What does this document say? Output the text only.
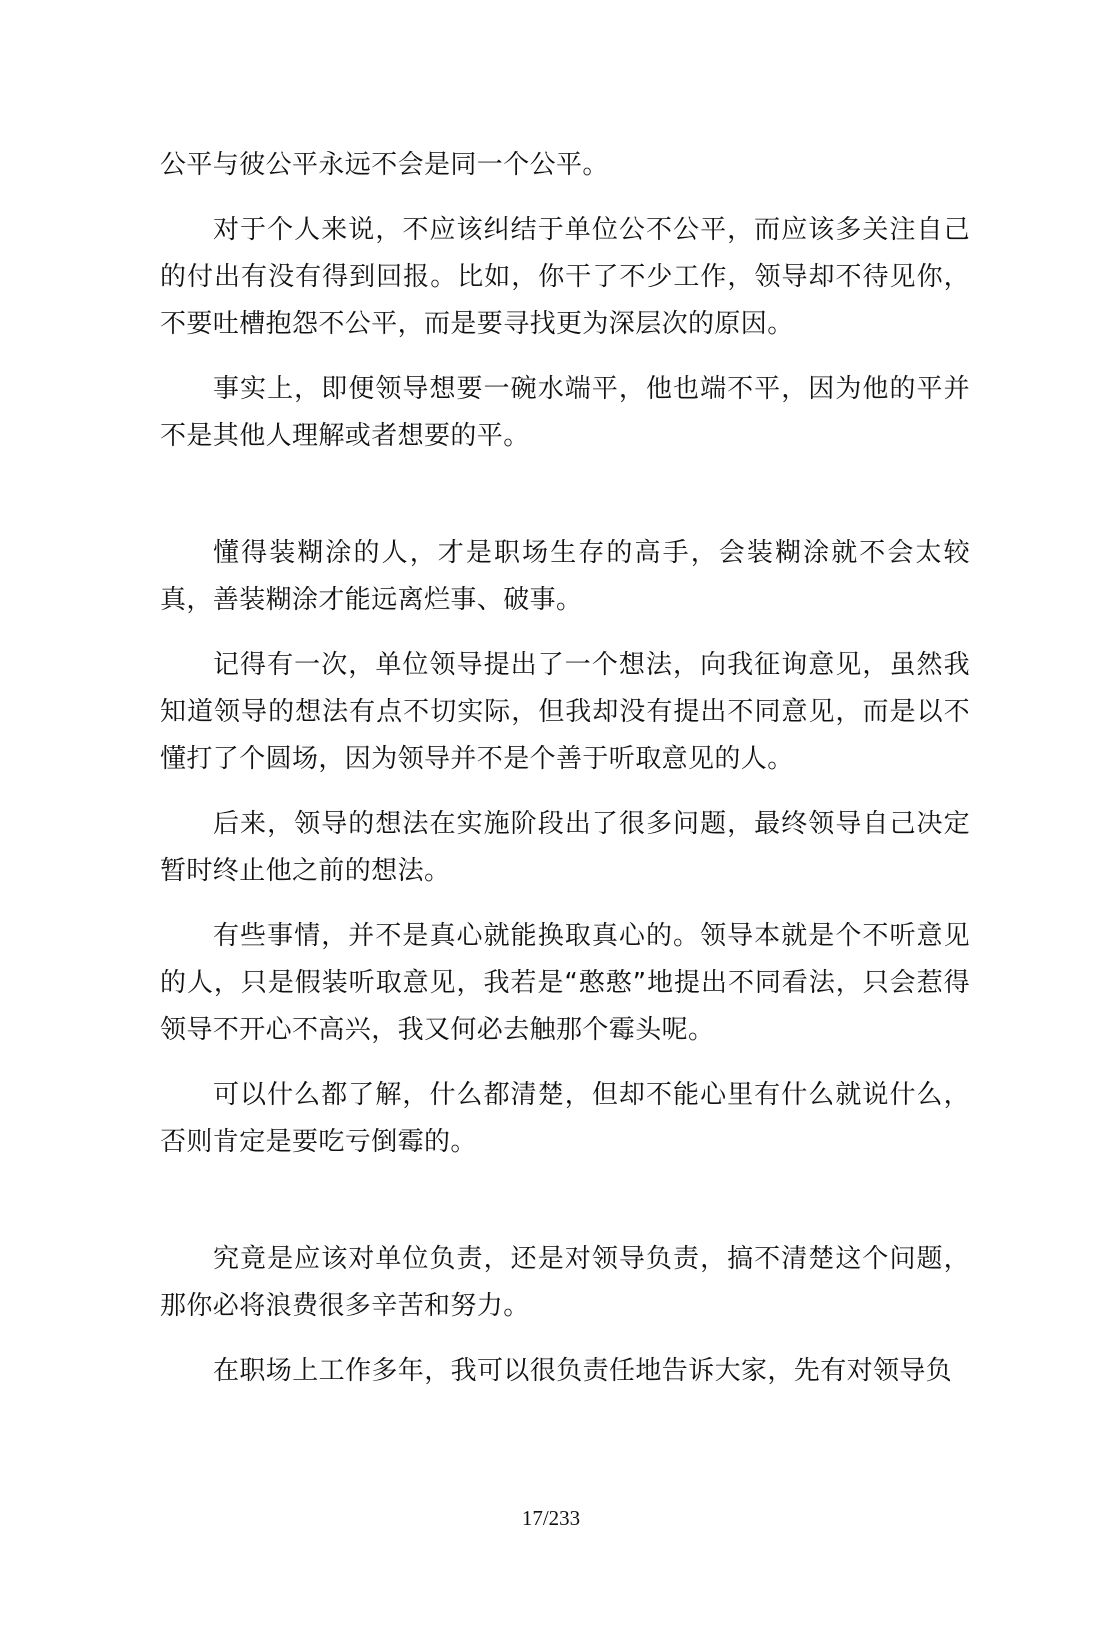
公平与彼公平永远不会是同一个公平。

对于个人来说，不应该纠结于单位公不公平，而应该多关注自己的付出有没有得到回报。比如，你干了不少工作，领导却不待见你，不要吐槽抱怨不公平，而是要寻找更为深层次的原因。

事实上，即便领导想要一碗水端平，他也端不平，因为他的平并不是其他人理解或者想要的平。

懂得装糊涂的人，才是职场生存的高手，会装糊涂就不会太较真，善装糊涂才能远离烂事、破事。

记得有一次，单位领导提出了一个想法，向我征询意见，虽然我知道领导的想法有点不切实际，但我却没有提出不同意见，而是以不懂打了个圆场，因为领导并不是个善于听取意见的人。

后来，领导的想法在实施阶段出了很多问题，最终领导自己决定暂时终止他之前的想法。

有些事情，并不是真心就能换取真心的。领导本就是个不听意见的人，只是假装听取意见，我若是“憨憨”地提出不同看法，只会惹得领导不开心不高兴，我又何必去触那个霉头呢。

可以什么都了解，什么都清楚，但却不能心里有什么就说什么，否则肯定是要吃亏倒霉的。

究竟是应该对单位负责，还是对领导负责，搞不清楚这个问题，那你必将浪费很多辛苦和努力。

在职场上工作多年，我可以很负责任地告诉大家，先有对领导负

17/233
